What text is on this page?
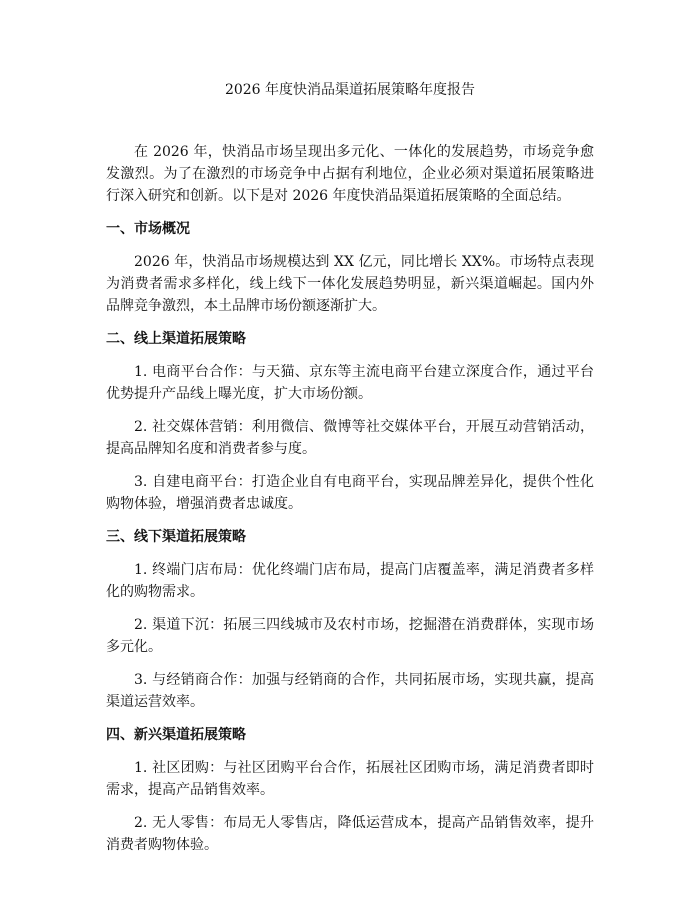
2026 年度快消品渠道拓展策略年度报告

在 2026 年，快消品市场呈现出多元化、一体化的发展趋势，市场竞争愈发激烈。为了在激烈的市场竞争中占据有利地位，企业必须对渠道拓展策略进行深入研究和创新。以下是对 2026 年度快消品渠道拓展策略的全面总结。

一、市场概况

2026 年，快消品市场规模达到 XX 亿元，同比增长 XX%。市场特点表现为消费者需求多样化，线上线下一体化发展趋势明显，新兴渠道崛起。国内外品牌竞争激烈，本土品牌市场份额逐渐扩大。

二、线上渠道拓展策略

1. 电商平台合作：与天猫、京东等主流电商平台建立深度合作，通过平台优势提升产品线上曝光度，扩大市场份额。

2. 社交媒体营销：利用微信、微博等社交媒体平台，开展互动营销活动，提高品牌知名度和消费者参与度。

3. 自建电商平台：打造企业自有电商平台，实现品牌差异化，提供个性化购物体验，增强消费者忠诚度。

三、线下渠道拓展策略

1. 终端门店布局：优化终端门店布局，提高门店覆盖率，满足消费者多样化的购物需求。

2. 渠道下沉：拓展三四线城市及农村市场，挖掘潜在消费群体，实现市场多元化。

3. 与经销商合作：加强与经销商的合作，共同拓展市场，实现共赢，提高渠道运营效率。

四、新兴渠道拓展策略

1. 社区团购：与社区团购平台合作，拓展社区团购市场，满足消费者即时需求，提高产品销售效率。

2. 无人零售：布局无人零售店，降低运营成本，提高产品销售效率，提升消费者购物体验。
